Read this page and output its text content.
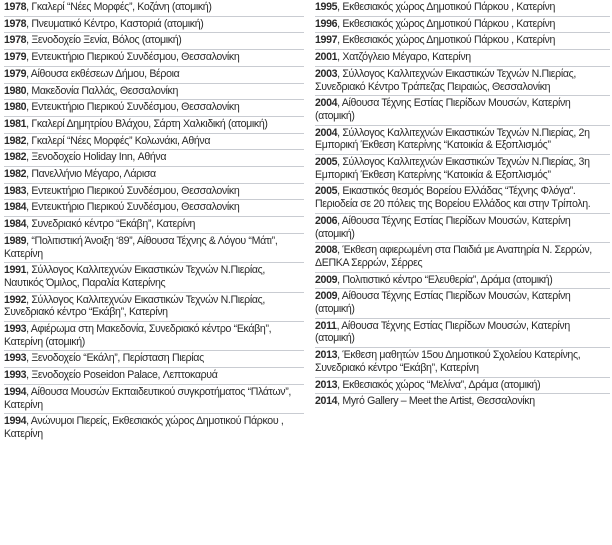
1978, Γκαλερί “Νέες Μορφές”, Κοζάνη (ατομική)
1978, Πνευματικό Κέντρο, Καστοριά (ατομική)
1978, Ξενοδοχείο Ξενία, Βόλος (ατομική)
1979, Εντευκτήριο Πιερικού Συνδέσμου, Θεσσαλονίκη
1979, Αίθουσα εκθέσεων Δήμου, Βέροια
1980, Μακεδονία Παλλάς, Θεσσαλονίκη
1980, Εντευκτήριο Πιερικού Συνδέσμου, Θεσσαλονίκη
1981, Γκαλερί Δημητρίου Βλάχου, Σάρτη Χαλκιδική (ατομική)
1982, Γκαλερί “Νέες Μορφές” Κολωνάκι, Αθήνα
1982, Ξενοδοχείο Holiday Inn, Αθήνα
1982, Πανελλήνιο Μέγαρο, Λάρισα
1983, Εντευκτήριο Πιερικού Συνδέσμου, Θεσσαλονίκη
1984, Εντευκτήριο Πιερικού Συνδέσμου, Θεσσαλονίκη
1984, Συνεδριακό κέντρο “Εκάβη”, Κατερίνη
1989, “Πολιτιστική Άνοιξη ‘89”, Αίθουσα Τέχνης & Λόγου “Μάτι”, Κατερίνη
1991, Σύλλογος Καλλιτεχνών Εικαστικών Τεχνών Ν.Πιερίας, Ναυτικός Όμιλος, Παραλία Κατερίνης
1992, Σύλλογος Καλλιτεχνών Εικαστικών Τεχνών Ν.Πιερίας, Συνεδριακό κέντρο “Εκάβη”, Κατερίνη
1993, Αφιέρωμα στη Μακεδονία, Συνεδριακό κέντρο “Εκάβη”, Κατερίνη (ατομική)
1993, Ξενοδοχείο “Εκάλη”, Περίσταση Πιερίας
1993, Ξενοδοχείο Poseidon Palace, Λεπτοκαρυά
1994, Αίθουσα Μουσών Εκπαιδευτικού συγκροτήματος “Πλάτων”, Κατερίνη
1994, Ανώνυμοι Πιερείς, Εκθεσιακός χώρος Δημοτικού Πάρκου , Κατερίνη
1995, Εκθεσιακός χώρος Δημοτικού Πάρκου , Κατερίνη
1996, Εκθεσιακός χώρος Δημοτικού Πάρκου , Κατερίνη
1997, Εκθεσιακός χώρος Δημοτικού Πάρκου , Κατερίνη
2001, Χατζόγλειο Μέγαρο, Κατερίνη
2003, Σύλλογος Καλλιτεχνών Εικαστικών Τεχνών Ν.Πιερίας, Συνεδριακό Κέντρο Τράπεζας Πειραιώς, Θεσσαλονίκη
2004, Αίθουσα Τέχνης Εστίας Πιερίδων Μουσών, Κατερίνη (ατομική)
2004, Σύλλογος Καλλιτεχνών Εικαστικών Τεχνών Ν.Πιερίας, 2η Εμπορική Έκθεση Κατερίνης “Κατοικία & Εξοπλισμός”
2005, Σύλλογος Καλλιτεχνών Εικαστικών Τεχνών Ν.Πιερίας, 3η Εμπορική Έκθεση Κατερίνης “Κατοικία & Εξοπλισμός”
2005, Εικαστικός θεσμός Βορείου Ελλάδας “Τέχνης Φλόγα”. Περιοδεία σε 20 πόλεις της Βορείου Ελλάδος και στην Τρίπολη.
2006, Αίθουσα Τέχνης Εστίας Πιερίδων Μουσών, Κατερίνη (ατομική)
2008, Έκθεση αφιερωμένη στα Παιδιά με Αναπηρία Ν. Σερρών, ΔΕΠΚΑ Σερρών, Σέρρες
2009, Πολιτιστικό κέντρο “Ελευθερία”, Δράμα (ατομική)
2009, Αίθουσα Τέχνης Εστίας Πιερίδων Μουσών, Κατερίνη (ατομική)
2011, Αίθουσα Τέχνης Εστίας Πιερίδων Μουσών, Κατερίνη (ατομική)
2013, Έκθεση μαθητών 15ου Δημοτικού Σχολείου Κατερίνης, Συνεδριακό κέντρο “Εκάβη”, Κατερίνη
2013, Εκθεσιακός χώρος “Μελίνα”, Δράμα (ατομική)
2014, Myrό Gallery – Meet the Artist, Θεσσαλονίκη
